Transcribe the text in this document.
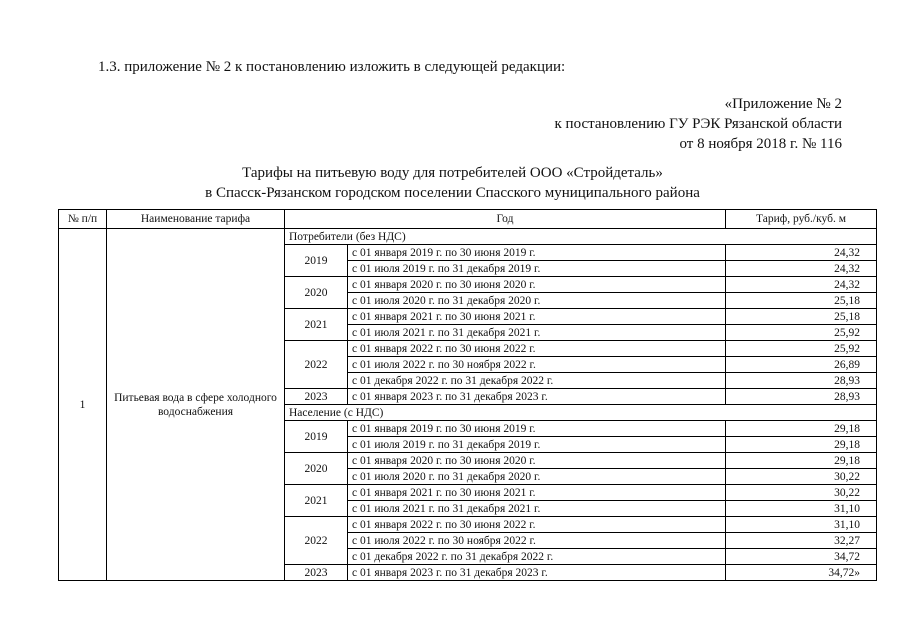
1.3. приложение № 2 к постановлению изложить в следующей редакции:
«Приложение № 2
к постановлению ГУ РЭК Рязанской области
от 8 ноября 2018 г. № 116
Тарифы на питьевую воду для потребителей ООО «Стройдеталь»
в Спасск-Рязанском городском поселении Спасского муниципального района
№ п/п	Наименование тарифа	Год		Тариф, руб./куб. м
1	Питьевая вода в сфере холодного водоснабжения	Потребители (без НДС)		
		2019	с 01 января 2019 г. по 30 июня 2019 г.	24,32
			с 01 июля 2019 г. по 31 декабря 2019 г.	24,32
		2020	с 01 января 2020 г. по 30 июня 2020 г.	24,32
			с 01 июля 2020 г. по 31 декабря 2020 г.	25,18
		2021	с 01 января 2021 г. по 30 июня 2021 г.	25,18
			с 01 июля 2021 г. по 31 декабря 2021 г.	25,92
		2022	с 01 января 2022 г. по 30 июня 2022 г.	25,92
			с 01 июля 2022 г. по 30 ноября 2022 г.	26,89
			с 01 декабря 2022 г. по 31 декабря 2022 г.	28,93
		2023	с 01 января 2023 г. по 31 декабря 2023 г.	28,93
		Население (с НДС)		
		2019	с 01 января 2019 г. по 30 июня 2019 г.	29,18
			с 01 июля 2019 г. по 31 декабря 2019 г.	29,18
		2020	с 01 января 2020 г. по 30 июня 2020 г.	29,18
			с 01 июля 2020 г. по 31 декабря 2020 г.	30,22
		2021	с 01 января 2021 г. по 30 июня 2021 г.	30,22
			с 01 июля 2021 г. по 31 декабря 2021 г.	31,10
		2022	с 01 января 2022 г. по 30 июня 2022 г.	31,10
			с 01 июля 2022 г. по 30 ноября 2022 г.	32,27
			с 01 декабря 2022 г. по 31 декабря 2022 г.	34,72
		2023	с 01 января 2023 г. по 31 декабря 2023 г.	34,72»
